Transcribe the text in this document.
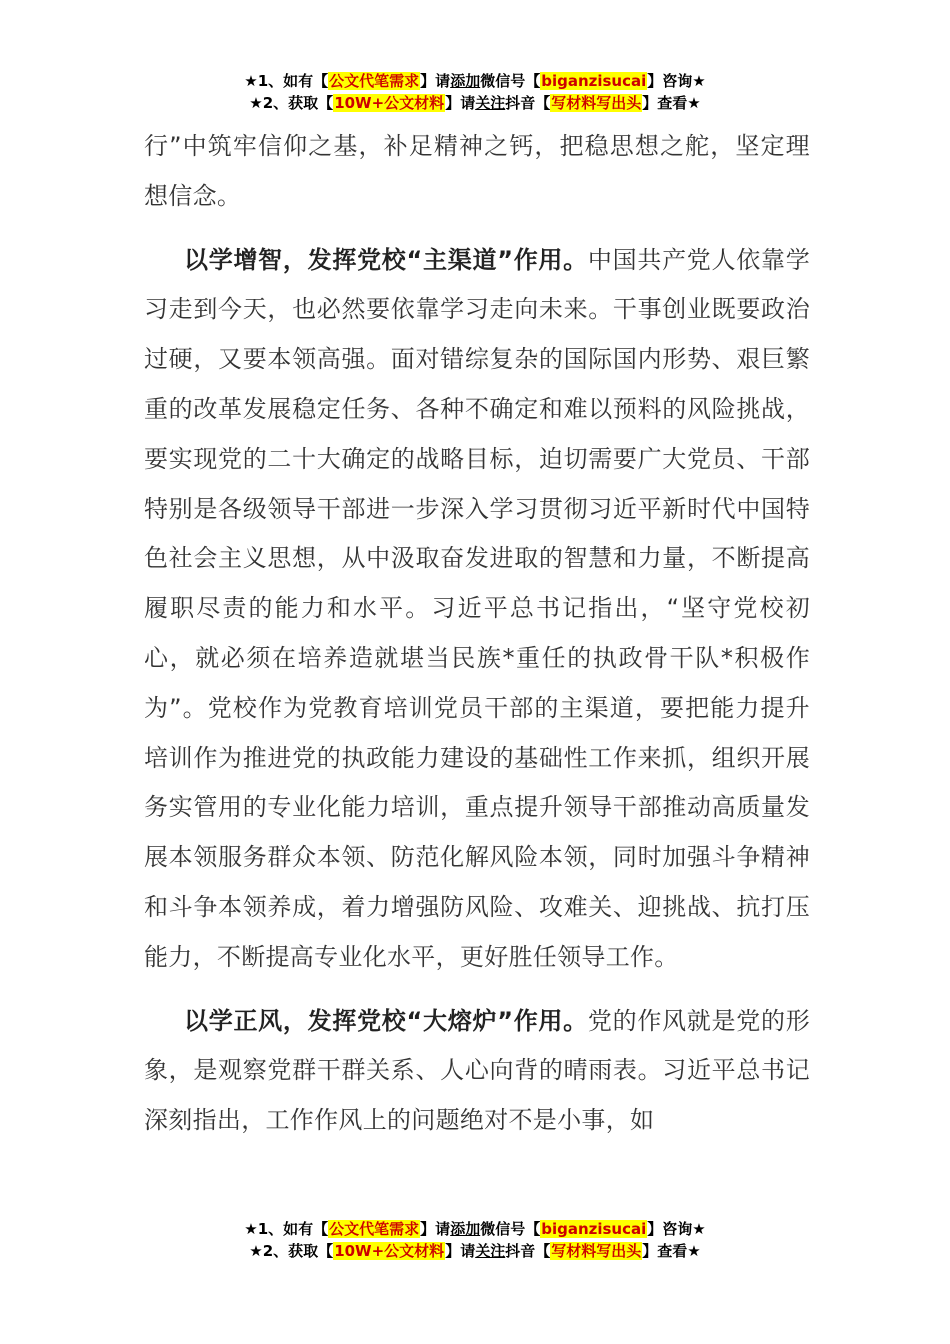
★1、如有【公文代笔需求】请添加微信号【biganzisucai】咨询★
★2、获取【10W+公文材料】请关注抖音【写材料写出头】查看★

行”中筑牢信仰之基，补足精神之钙，把稳思想之舵，坚定理想信念。

以学增智，发挥党校“主渠道”作用。中国共产党人依靠学习走到今天，也必然要依靠学习走向未来。干事创业既要政治过硬，又要本领高强。面对错综复杂的国际国内形势、艰巨繁重的改革发展稳定任务、各种不确定和难以预料的风险挑战，要实现党的二十大确定的战略目标，迫切需要广大党员、干部特别是各级领导干部进一步深入学习贯彻习近平新时代中国特色社会主义思想，从中汲取奋发进取的智慧和力量，不断提高履职尽责的能力和水平。习近平总书记指出，“坚守党校初心，就必须在培养造就堪当民族*重任的执政骨干队*积极作为”。党校作为党教育培训党员干部的主渠道，要把能力提升培训作为推进党的执政能力建设的基础性工作来抓，组织开展务实管用的专业化能力培训，重点提升领导干部推动高质量发展本领服务群众本领、防范化解风险本领，同时加强斗争精神和斗争本领养成，着力增强防风险、攻难关、迎挑战、抗打压能力，不断提高专业化水平，更好胜任领导工作。

以学正风，发挥党校“大熔炉”作用。党的作风就是党的形象，是观察党群干群关系、人心向背的晴雨表。习近平总书记深刻指出，工作作风上的问题绝对不是小事，如

★1、如有【公文代笔需求】请添加微信号【biganzisucai】咨询★
★2、获取【10W+公文材料】请关注抖音【写材料写出头】查看★
